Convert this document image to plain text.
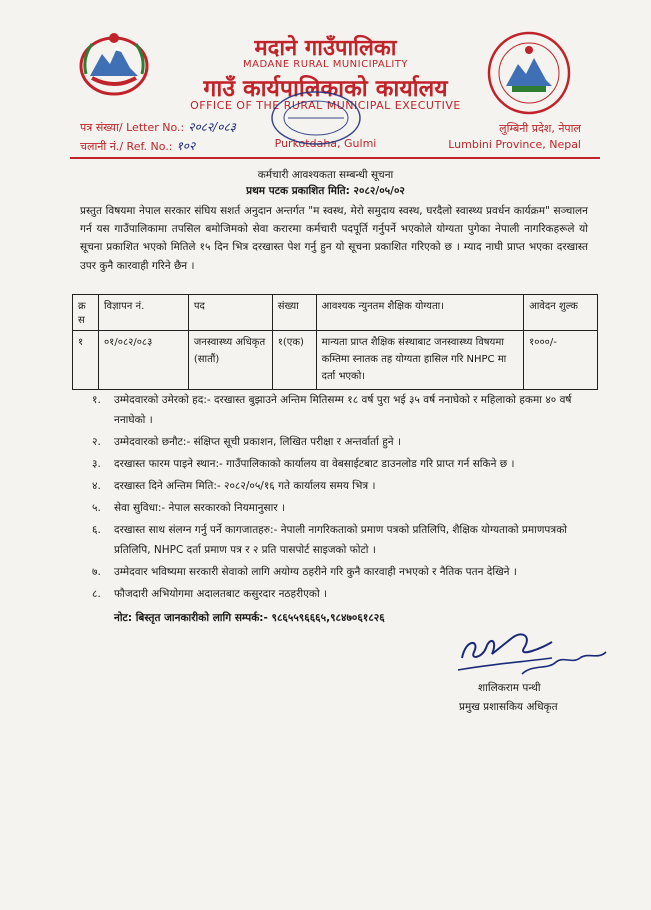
मदाने गाउँपालिका
MADANE RURAL MUNICIPALITY
गाउँ कार्यपालिकाको कार्यालय
OFFICE OF THE RURAL MUNICIPAL EXECUTIVE
Purkotdaha, Gulmi
पत्र संख्या/ Letter No.: २०८२/०८३
चलानी नं./ Ref. No.: १०२
लुम्बिनी प्रदेश, नेपाल
Lumbini Province, Nepal
कर्मचारी आवश्यकता सम्बन्धी सूचना
प्रथम पटक प्रकाशित मिति: २०८२/०५/०२
प्रस्तुत विषयमा नेपाल सरकार संघिय सशर्त अनुदान अन्तर्गत "म स्वस्थ, मेरो समुदाय स्वस्थ, घरदैलो स्वास्थ्य प्रवर्धन कार्यक्रम" सञ्चालन गर्न यस गाउँपालिकामा तपसिल बमोजिमको सेवा करारमा कर्मचारी पदपूर्ति गर्नुपर्ने भएकोले योग्यता पुगेका नेपाली नागरिकहरूले यो सूचना प्रकाशित भएको मितिले १५ दिन भित्र दरखास्त पेश गर्नु हुन यो सूचना प्रकाशित गरिएको छ । म्याद नाघी प्राप्त भएका दरखास्त उपर कुनै कारवाही गरिने छैन ।
क्र स	विज्ञापन नं.	पद	संख्या	आवश्यक न्युनतम शैक्षिक योग्यता।	आवेदन शुल्क
१	०१/०८२/०८३	जनस्वास्थ्य अधिकृत (सातौं)	१(एक)	मान्यता प्राप्त शैक्षिक संस्थाबाट जनस्वास्थ्य विषयमा कम्तिमा स्नातक तह योग्यता हासिल गरि NHPC मा दर्ता भएको।	१०००/-
१. उम्मेदवारको उमेरको हद:- दरखास्त बुझाउने अन्तिम मितिसम्म १८ वर्ष पुरा भई ३५ वर्ष ननाघेको र महिलाको हकमा ४० वर्ष ननाघेको ।
२. उम्मेदवारको छनौट:- संक्षिप्त सूची प्रकाशन, लिखित परीक्षा र अन्तर्वार्ता हुने ।
३. दरखास्त फारम पाइने स्थान:- गाउँपालिकाको कार्यालय वा वेबसाईटबाट डाउनलोड गरि प्राप्त गर्न सकिने छ ।
४. दरखास्त दिने अन्तिम मिति:- २०८२/०५/१६ गते कार्यालय समय भित्र ।
५. सेवा सुविधा:- नेपाल सरकारको नियमानुसार ।
६. दरखास्त साथ संलग्न गर्नु पर्ने कागजातहरु:- नेपाली नागरिकताको प्रमाण पत्रको प्रतिलिपि, शैक्षिक योग्यताको प्रमाणपत्रको प्रतिलिपि, NHPC दर्ता प्रमाण पत्र र २ प्रति पासपोर्ट साइजको फोटो ।
७. उम्मेदवार भविष्यमा सरकारी सेवाको लागि अयोग्य ठहरीने गरि कुनै कारवाही नभएको र नैतिक पतन देखिने ।
८. फौजदारी अभियोगमा अदालतबाट कसुरदार नठहरीएको ।
नोट: बिस्तृत जानकारीको लागि सम्पर्क:- ९८६५५९६६६५,९८४७०६१८२६
शालिकराम पन्थी
प्रमुख प्रशासकिय अधिकृत
